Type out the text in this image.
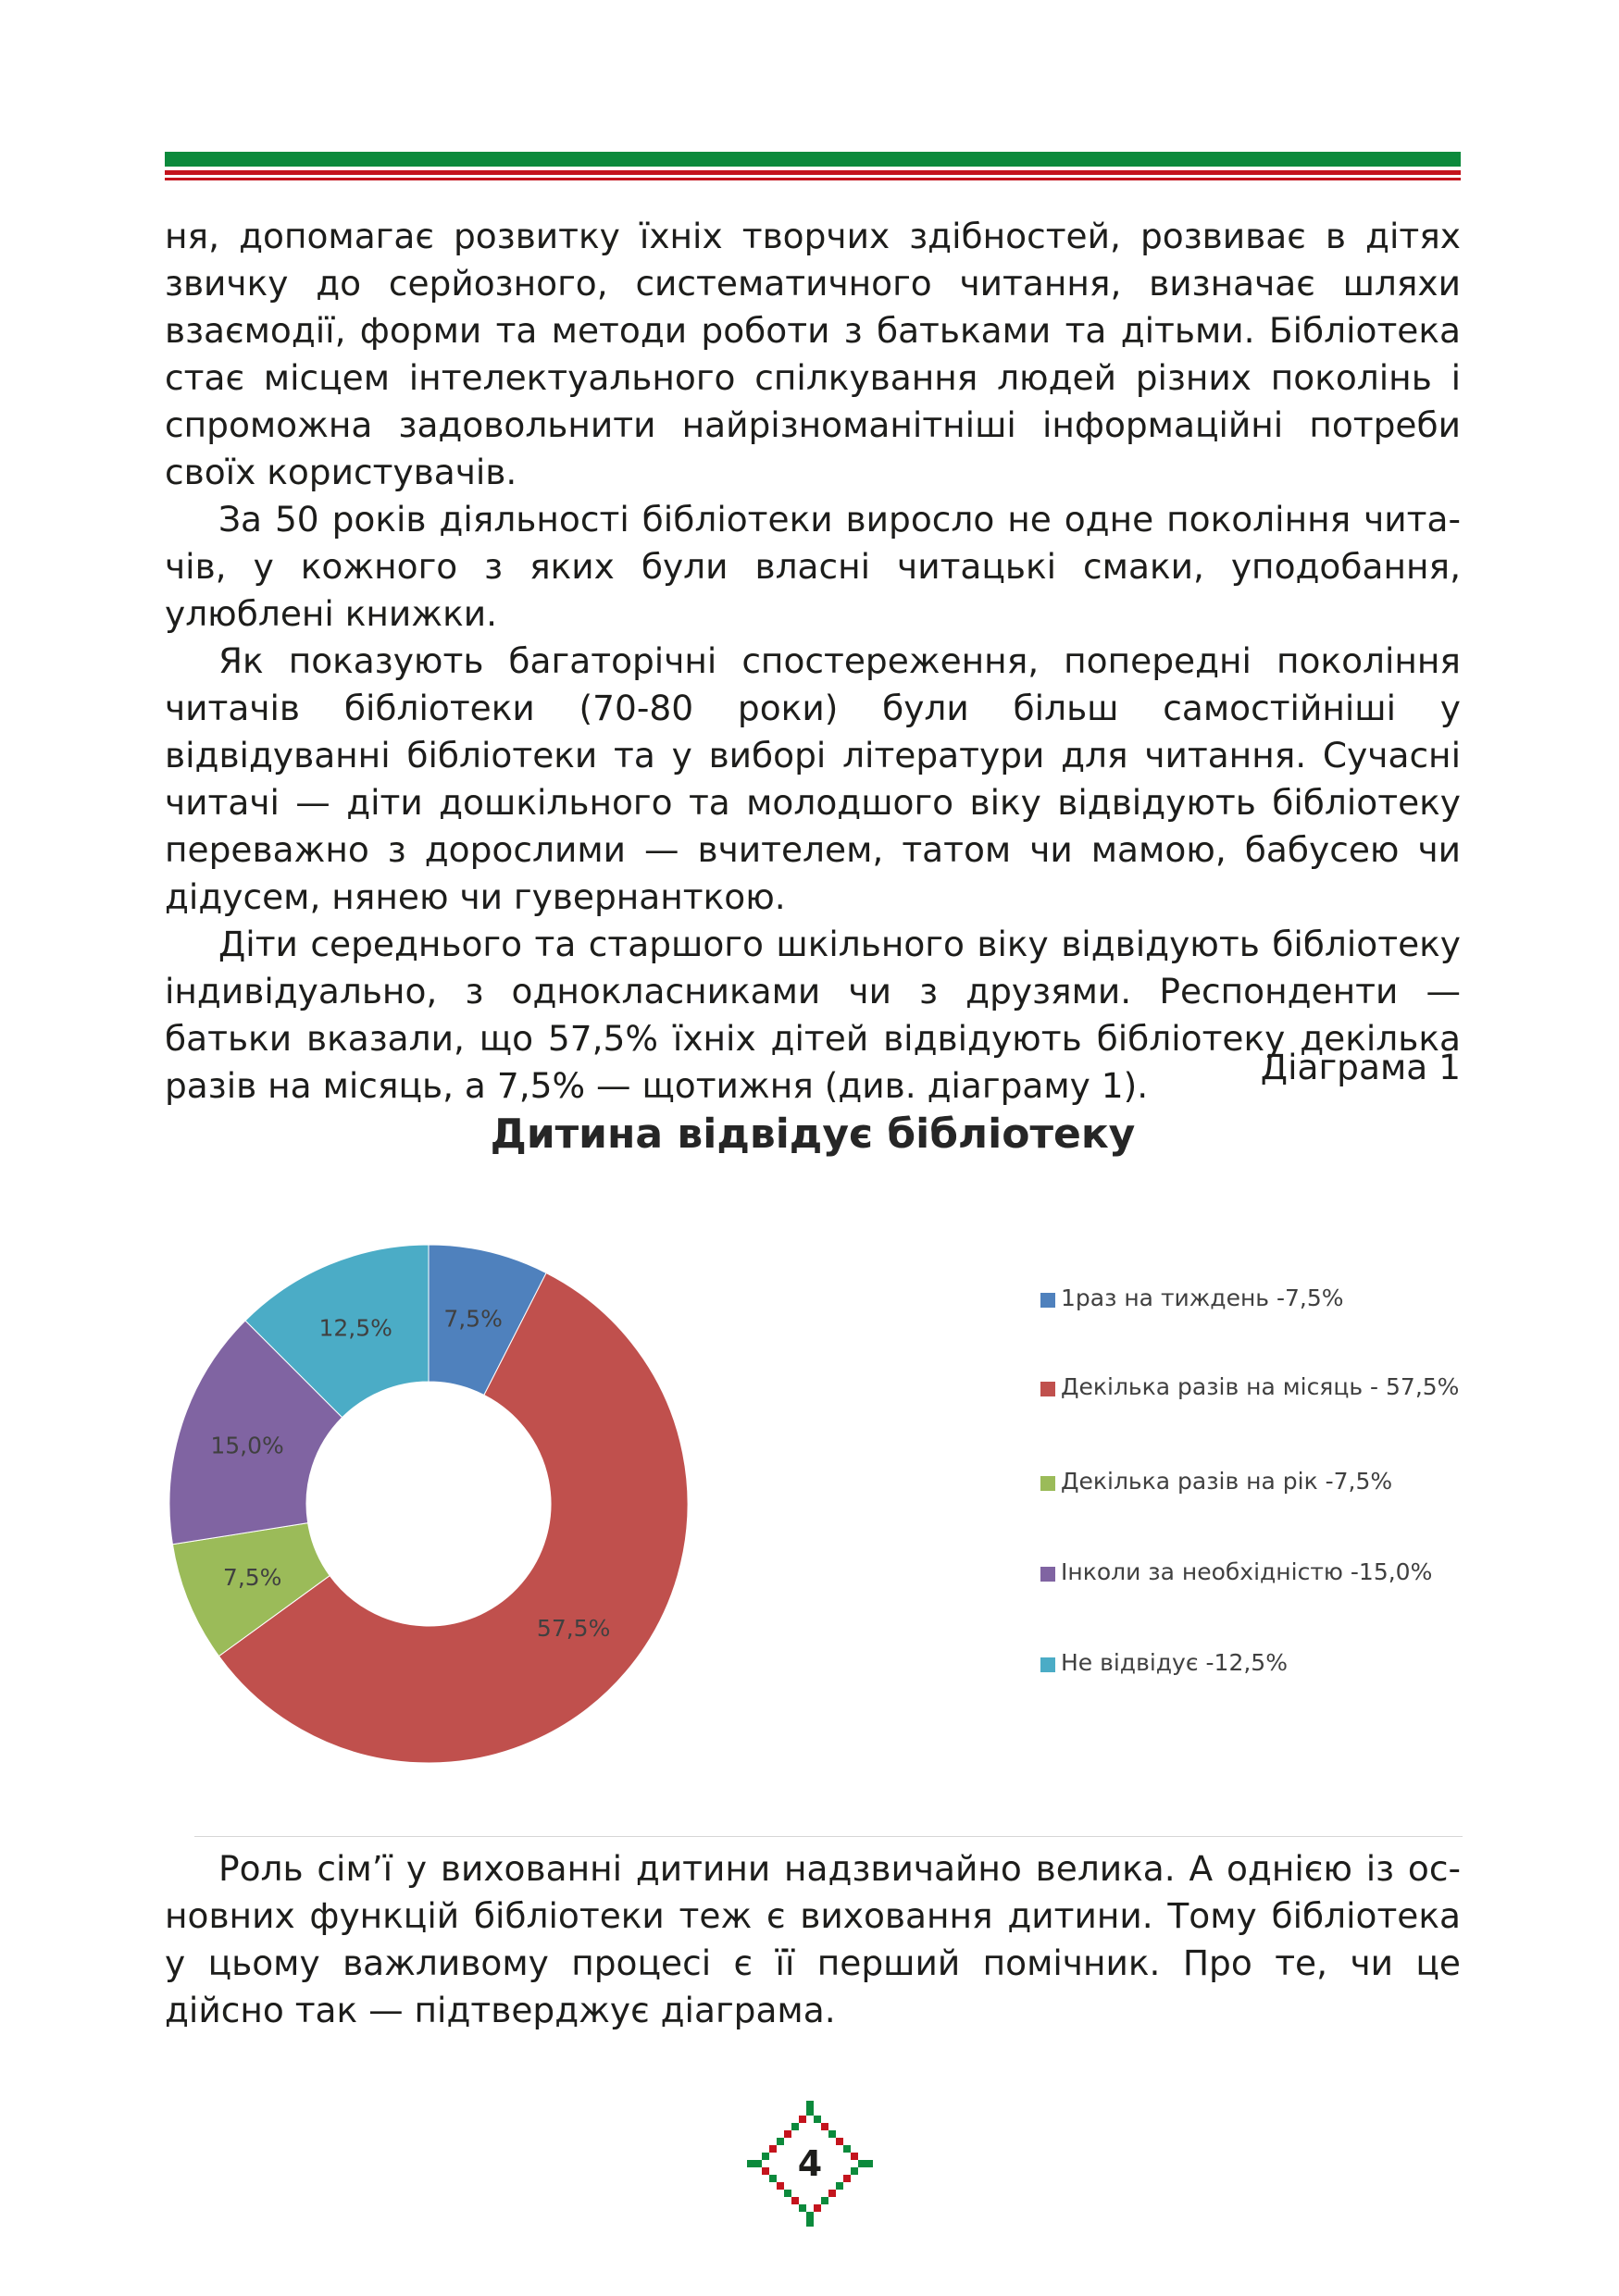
ня, допомагає розвитку їхніх творчих здібностей, розвиває в дітях звичку до серйозного, систематичного читання, визначає шляхи взаємодії, форми та методи роботи з батьками та дітьми. Бібліотека стає місцем інтелектуального спілкування людей різних поколінь і спроможна задовольнити найрізноманітніші інформаційні потреби своїх користувачів.

За 50 років діяльності бібліотеки виросло не одне покоління читачів, у кожного з яких були власні читацькі смаки, уподобання, улюблені книжки.

Як показують багаторічні спостереження, попередні покоління читачів бібліотеки (70-80 роки) були більш самостійніші у відвідуванні бібліотеки та у виборі літератури для читання. Сучасні читачі — діти дошкільного та молодшого віку відвідують бібліотеку переважно з дорослими — вчителем, татом чи мамою, бабусею чи дідусем, нянею чи гувернанткою.

Діти середнього та старшого шкільного віку відвідують бібліотеку індивідуально, з однокласниками чи з друзями. Респонденти — батьки вказали, що 57,5% їхніх дітей відвідують бібліотеку декілька разів на місяць, а 7,5% — щотижня (див. діаграму 1).	Діаграма 1
Дитина відвідує бібліотеку
7,5%
57,5%
7,5%
15,0%
12,5%
1раз на тиждень -7,5%
Декілька разів на місяць - 57,5%
Декілька разів на рік -7,5%
Інколи за необхідністю -15,0%
Не відвідує -12,5%

Роль сім’ї у вихованні дитини надзвичайно велика. А однією із основних функцій бібліотеки теж є виховання дитини. Тому бібліотека у цьому важливому процесі є її перший помічник. Про те, чи це дійсно так — підтверджує діаграма.

4
